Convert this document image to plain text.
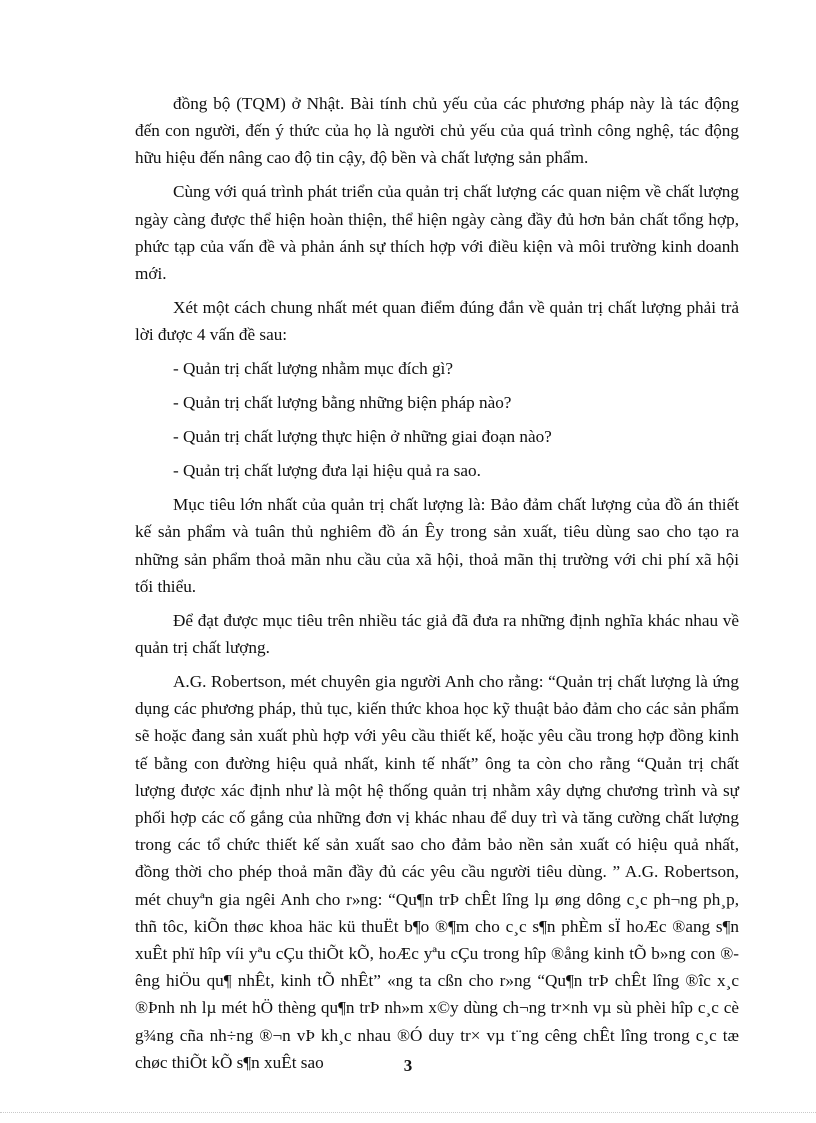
đồng bộ (TQM) ở Nhật. Bài tính chủ yếu của các phương pháp này là tác động đến con người, đến ý thức của họ là người chủ yếu của quá trình công nghệ, tác động hữu hiệu đến nâng cao độ tin cậy, độ bền và chất lượng sản phẩm.

Cùng với quá trình phát triển của quản trị chất lượng các quan niệm về chất lượng ngày càng được thể hiện hoàn thiện, thể hiện ngày càng đầy đủ hơn bản chất tổng hợp, phức tạp của vấn đề và phản ánh sự thích hợp với điều kiện và môi trường kinh doanh mới.

Xét một cách chung nhất mét quan điểm đúng đắn về quản trị chất lượng phải trả lời được 4 vấn đề sau:

- Quản trị chất lượng nhằm mục đích gì?

- Quản trị chất lượng bằng những biện pháp nào?

- Quản trị chất lượng thực hiện ở những giai đoạn nào?

- Quản trị chất lượng đưa lại hiệu quả ra sao.

Mục tiêu lớn nhất của quản trị chất lượng là: Bảo đảm chất lượng của đồ án thiết kế sản phẩm và tuân thủ nghiêm đồ án Êy trong sản xuất, tiêu dùng sao cho tạo ra những sản phẩm thoả mãn nhu cầu của xã hội, thoả mãn thị trường với chi phí xã hội tối thiểu.

Để đạt được mục tiêu trên nhiều tác giả đã đưa ra những định nghĩa khác nhau về quản trị chất lượng.

A.G. Robertson, mét chuyên gia người Anh cho rằng: “Quản trị chất lượng là ứng dụng các phương pháp, thủ tục, kiến thức khoa học kỹ thuật bảo đảm cho các sản phẩm sẽ hoặc đang sản xuất phù hợp với yêu cầu thiết kế, hoặc yêu cầu trong hợp đồng kinh tế bằng con đường hiệu quả nhất, kinh tế nhất” ông ta còn cho rằng “Quản trị chất lượng được xác định như là một hệ thống quản trị nhằm xây dựng chương trình và sự phối hợp các cố gắng của những đơn vị khác nhau để duy trì và tăng cường chất lượng trong các tổ chức thiết kế sản xuất sao cho đảm bảo nền sản xuất có hiệu quả nhất, đồng thời cho phép thoả mãn đầy đủ các yêu cầu người tiêu dùng. ” A.G. Robertson, mét chuyªn gia ngêi Anh cho r»ng: “Qu¶n trÞ chÊt lîng lµ øng dông c¸c ph¬ng ph¸p, thñ tôc, kiÕn thøc khoa häc kü thuËt b¶o ®¶m cho c¸c s¶n phÈm sÏ hoÆc ®ang s¶n xuÊt phï hîp víi yªu cÇu thiÕt kÕ, hoÆc yªu cÇu trong hîp ®ång kinh tÕ b»ng con ®êng hiÖu qu¶ nhÊt, kinh tÕ nhÊt” «ng ta cßn cho r»ng “Qu¶n trÞ chÊt lîng ®îc x¸c ®Þnh nh lµ mét hÖ thèng qu¶n trÞ nh»m x©y dùng ch¬ng tr×nh vµ sù phèi hîp c¸c cè g¾ng cña nh÷ng ®¬n vÞ kh¸c nhau ®Ó duy tr× vµ t¨ng cêng chÊt lîng trong c¸c tæ chøc thiÕt kÕ s¶n xuÊt sao	3
